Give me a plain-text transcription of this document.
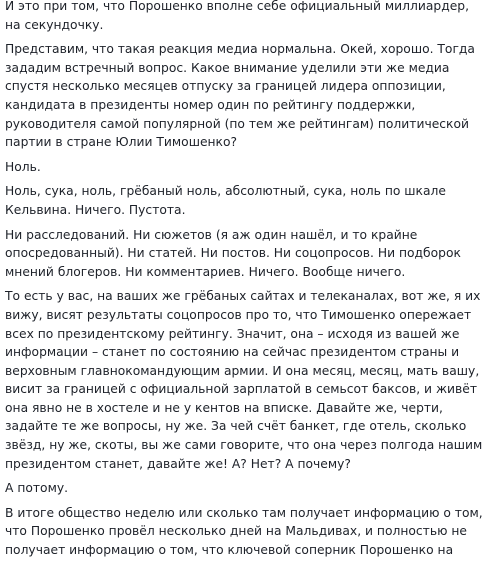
И это при том, что Порошенко вполне себе официальный миллиардер, на секундочку.

Представим, что такая реакция медиа нормальна. Окей, хорошо. Тогда зададим встречный вопрос. Какое внимание уделили эти же медиа спустя несколько месяцев отпуску за границей лидера оппозиции, кандидата в президенты номер один по рейтингу поддержки, руководителя самой популярной (по тем же рейтингам) политической партии в стране Юлии Тимошенко?

Ноль.

Ноль, сука, ноль, грёбаный ноль, абсолютный, сука, ноль по шкале Кельвина. Ничего. Пустота.

Ни расследований. Ни сюжетов (я аж один нашёл, и то крайне опосредованный). Ни статей. Ни постов. Ни соцопросов. Ни подборок мнений блогеров. Ни комментариев. Ничего. Вообще ничего.

То есть у вас, на ваших же грёбаных сайтах и телеканалах, вот же, я их вижу, висят результаты соцопросов про то, что Тимошенко опережает всех по президентскому рейтингу. Значит, она – исходя из вашей же информации – станет по состоянию на сейчас президентом страны и верховным главнокомандующим армии. И она месяц, месяц, мать вашу, висит за границей с официальной зарплатой в семьсот баксов, и живёт она явно не в хостеле и не у кентов на вписке. Давайте же, черти, задайте те же вопросы, ну же. За чей счёт банкет, где отель, сколько звёзд, ну же, скоты, вы же сами говорите, что она через полгода нашим президентом станет, давайте же! А? Нет? А почему?

А потому.

В итоге общество неделю или сколько там получает информацию о том, что Порошенко провёл несколько дней на Мальдивах, и полностью не получает информацию о том, что ключевой соперник Порошенко на
